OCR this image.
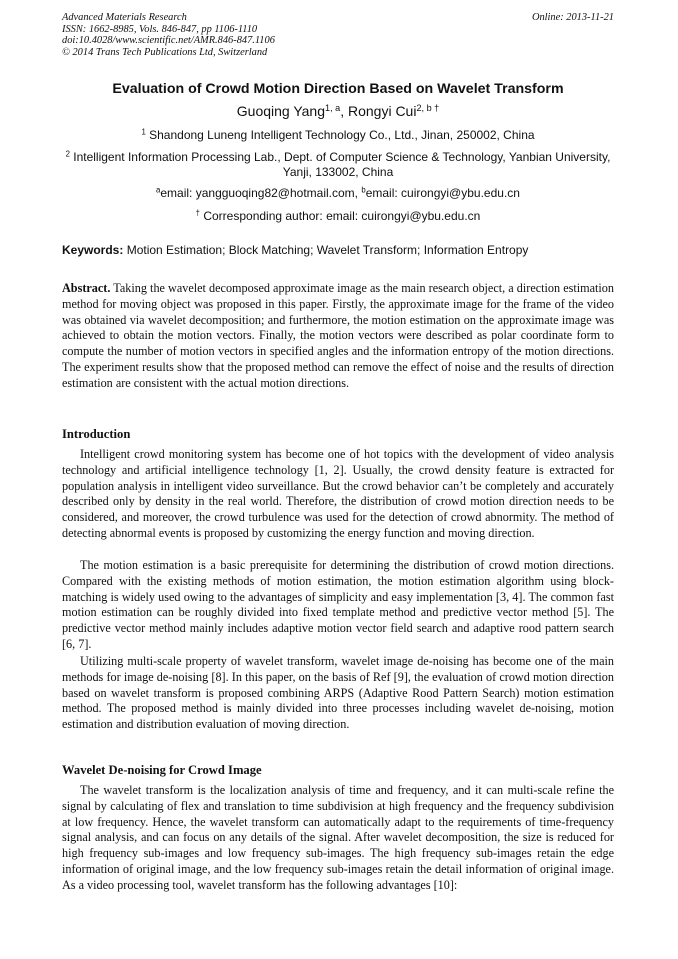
Advanced Materials Research
ISSN: 1662-8985, Vols. 846-847, pp 1106-1110
doi:10.4028/www.scientific.net/AMR.846-847.1106
© 2014 Trans Tech Publications Ltd, Switzerland
Online: 2013-11-21
Evaluation of Crowd Motion Direction Based on Wavelet Transform
Guoqing Yang$^{1, a}$, Rongyi Cui$^{2, b \dagger}$
$^1$ Shandong Luneng Intelligent Technology Co., Ltd., Jinan, 250002, China
$^2$ Intelligent Information Processing Lab., Dept. of Computer Science & Technology, Yanbian University, Yanji, 133002, China
$^a$email: yangguoqing82@hotmail.com, $^b$email: cuirongyi@ybu.edu.cn
† Corresponding author: email: cuirongyi@ybu.edu.cn
Keywords: Motion Estimation; Block Matching; Wavelet Transform; Information Entropy
Abstract. Taking the wavelet decomposed approximate image as the main research object, a direction estimation method for moving object was proposed in this paper. Firstly, the approximate image for the frame of the video was obtained via wavelet decomposition; and furthermore, the motion estimation on the approximate image was achieved to obtain the motion vectors. Finally, the motion vectors were described as polar coordinate form to compute the number of motion vectors in specified angles and the information entropy of the motion directions. The experiment results show that the proposed method can remove the effect of noise and the results of direction estimation are consistent with the actual motion directions.
Introduction
Intelligent crowd monitoring system has become one of hot topics with the development of video analysis technology and artificial intelligence technology [1, 2]. Usually, the crowd density feature is extracted for population analysis in intelligent video surveillance. But the crowd behavior can’t be completely and accurately described only by density in the real world. Therefore, the distribution of crowd motion direction needs to be considered, and moreover, the crowd turbulence was used for the detection of crowd abnormity. The method of detecting abnormal events is proposed by customizing the energy function and moving direction.
The motion estimation is a basic prerequisite for determining the distribution of crowd motion directions. Compared with the existing methods of motion estimation, the motion estimation algorithm using block-matching is widely used owing to the advantages of simplicity and easy implementation [3, 4]. The common fast motion estimation can be roughly divided into fixed template method and predictive vector method [5]. The predictive vector method mainly includes adaptive motion vector field search and adaptive rood pattern search [6, 7].
Utilizing multi-scale property of wavelet transform, wavelet image de-noising has become one of the main methods for image de-noising [8]. In this paper, on the basis of Ref [9], the evaluation of crowd motion direction based on wavelet transform is proposed combining ARPS (Adaptive Rood Pattern Search) motion estimation method. The proposed method is mainly divided into three processes including wavelet de-noising, motion estimation and distribution evaluation of moving direction.
Wavelet De-noising for Crowd Image
The wavelet transform is the localization analysis of time and frequency, and it can multi-scale refine the signal by calculating of flex and translation to time subdivision at high frequency and the frequency subdivision at low frequency. Hence, the wavelet transform can automatically adapt to the requirements of time-frequency signal analysis, and can focus on any details of the signal. After wavelet decomposition, the size is reduced for high frequency sub-images and low frequency sub-images. The high frequency sub-images retain the edge information of original image, and the low frequency sub-images retain the detail information of original image. As a video processing tool, wavelet transform has the following advantages [10]:
